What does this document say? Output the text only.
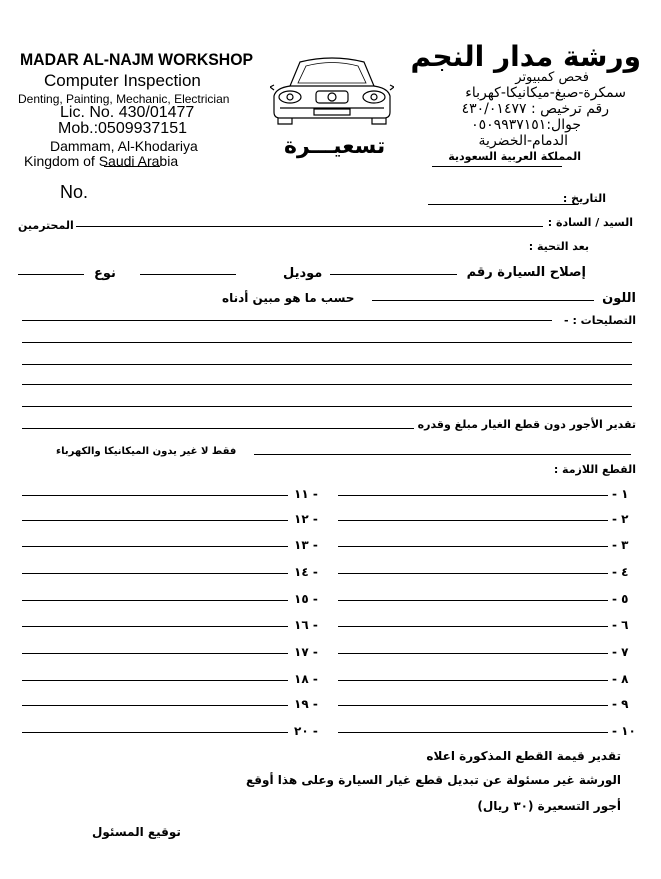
MADAR AL-NAJM WORKSHOP
Computer Inspection
Denting, Painting, Mechanic, Electrician
Lic. No. 430/01477
Mob.:0509937151
Dammam, Al-Khodariya
Kingdom of Saudi Arabia
تسعيـــرة
ورشة مدار النجم
فحص كمبيوتر
سمكرة-صبغ-ميكانيكا-كهرباء
رقم ترخيص : ٤٣٠/٠١٤٧٧
جوال:٠٥٠٩٩٣٧١٥١
الدمام-الخضرية
المملكة العربية السعودية
No.	التاريخ :
السيد / السادة :
المحترمين
بعد التحية :
إصلاح السيارة رقم
موديل
نوع
اللون
حسب ما هو مبين أدناه
التصليحات : -
تقدير الأجور دون قطع الغيار مبلغ وقدره
فقط لا غير يدون الميكانيكا والكهرباء
القطع اللازمة :
١ -
- ١١
٢ -
- ١٢
٣ -
- ١٣
٤ -
- ١٤
٥ -
- ١٥
٦ -
- ١٦
٧ -
- ١٧
٨ -
- ١٨
٩ -
- ١٩
١٠ -
- ٢٠
تقدير قيمة القطع المذكورة اعلاه
الورشة غير مسئولة عن تبديل قطع غيار السيارة وعلى هذا أوقع
أجور التسعيرة (٣٠ ريال)
توقيع المسئول
